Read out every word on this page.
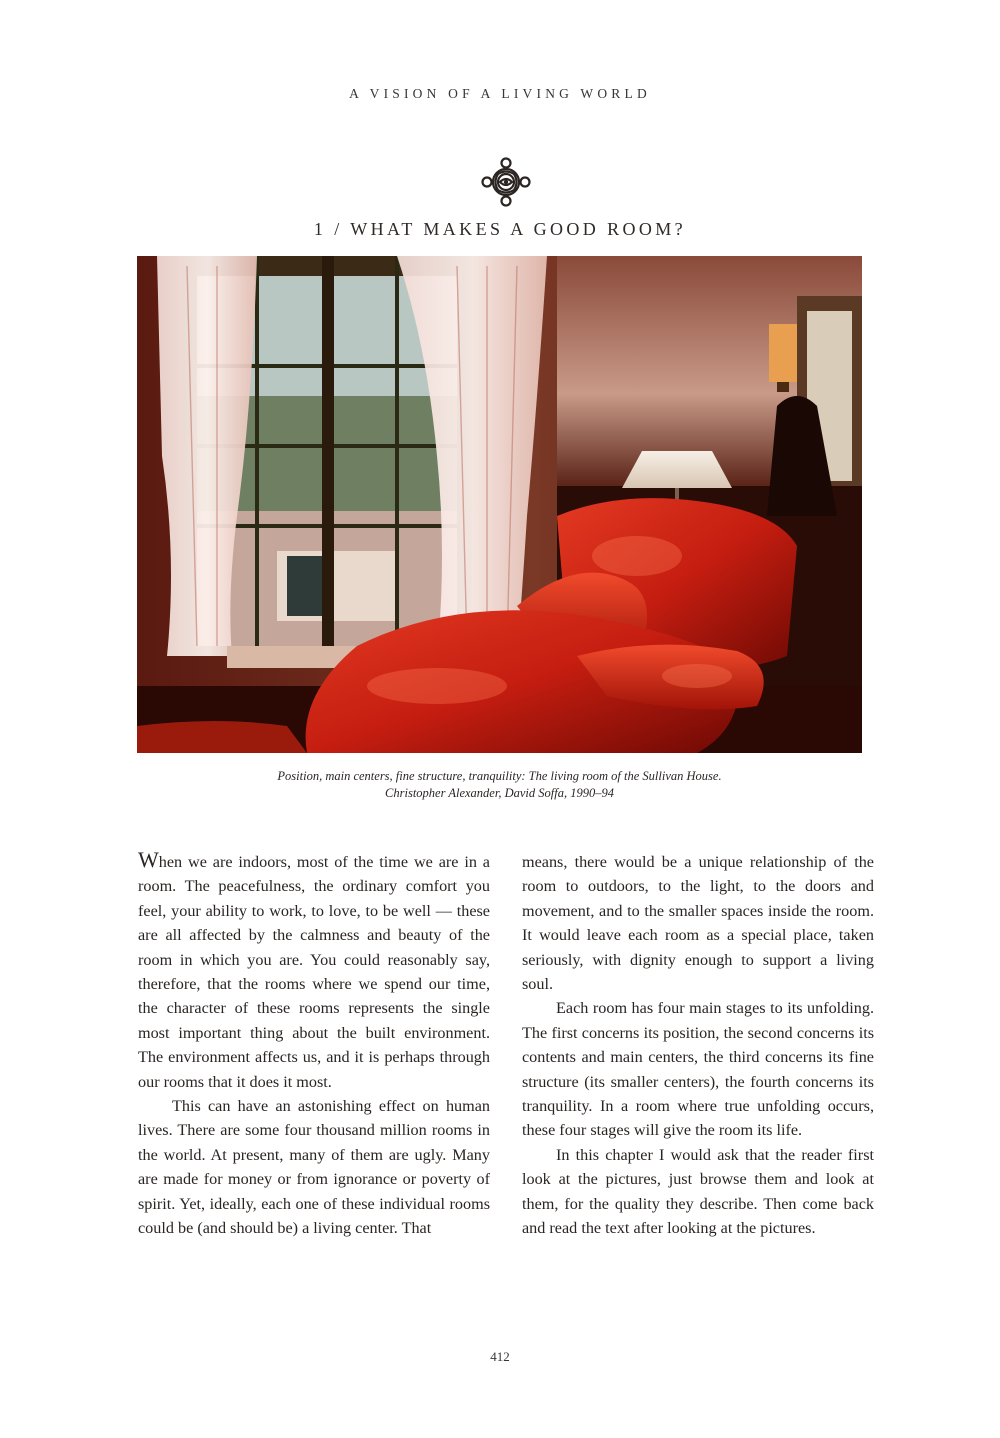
A VISION OF A LIVING WORLD
1 / WHAT MAKES A GOOD ROOM?
Position, main centers, fine structure, tranquility: The living room of the Sullivan House.
Christopher Alexander, David Soffa, 1990–94

When we are indoors, most of the time we are in a room. The peacefulness, the ordinary comfort you feel, your ability to work, to love, to be well — these are all affected by the calmness and beauty of the room in which you are. You could reasonably say, therefore, that the rooms where we spend our time, the character of these rooms represents the single most important thing about the built environment. The environment affects us, and it is perhaps through our rooms that it does it most.

This can have an astonishing effect on human lives. There are some four thousand million rooms in the world. At present, many of them are ugly. Many are made for money or from ignorance or poverty of spirit. Yet, ideally, each one of these individual rooms could be (and should be) a living center. That

means, there would be a unique relationship of the room to outdoors, to the light, to the doors and movement, and to the smaller spaces inside the room. It would leave each room as a special place, taken seriously, with dignity enough to support a living soul.

Each room has four main stages to its unfolding. The first concerns its position, the second concerns its contents and main centers, the third concerns its fine structure (its smaller centers), the fourth concerns its tranquility. In a room where true unfolding occurs, these four stages will give the room its life.

In this chapter I would ask that the reader first look at the pictures, just browse them and look at them, for the quality they describe. Then come back and read the text after looking at the pictures.

412
